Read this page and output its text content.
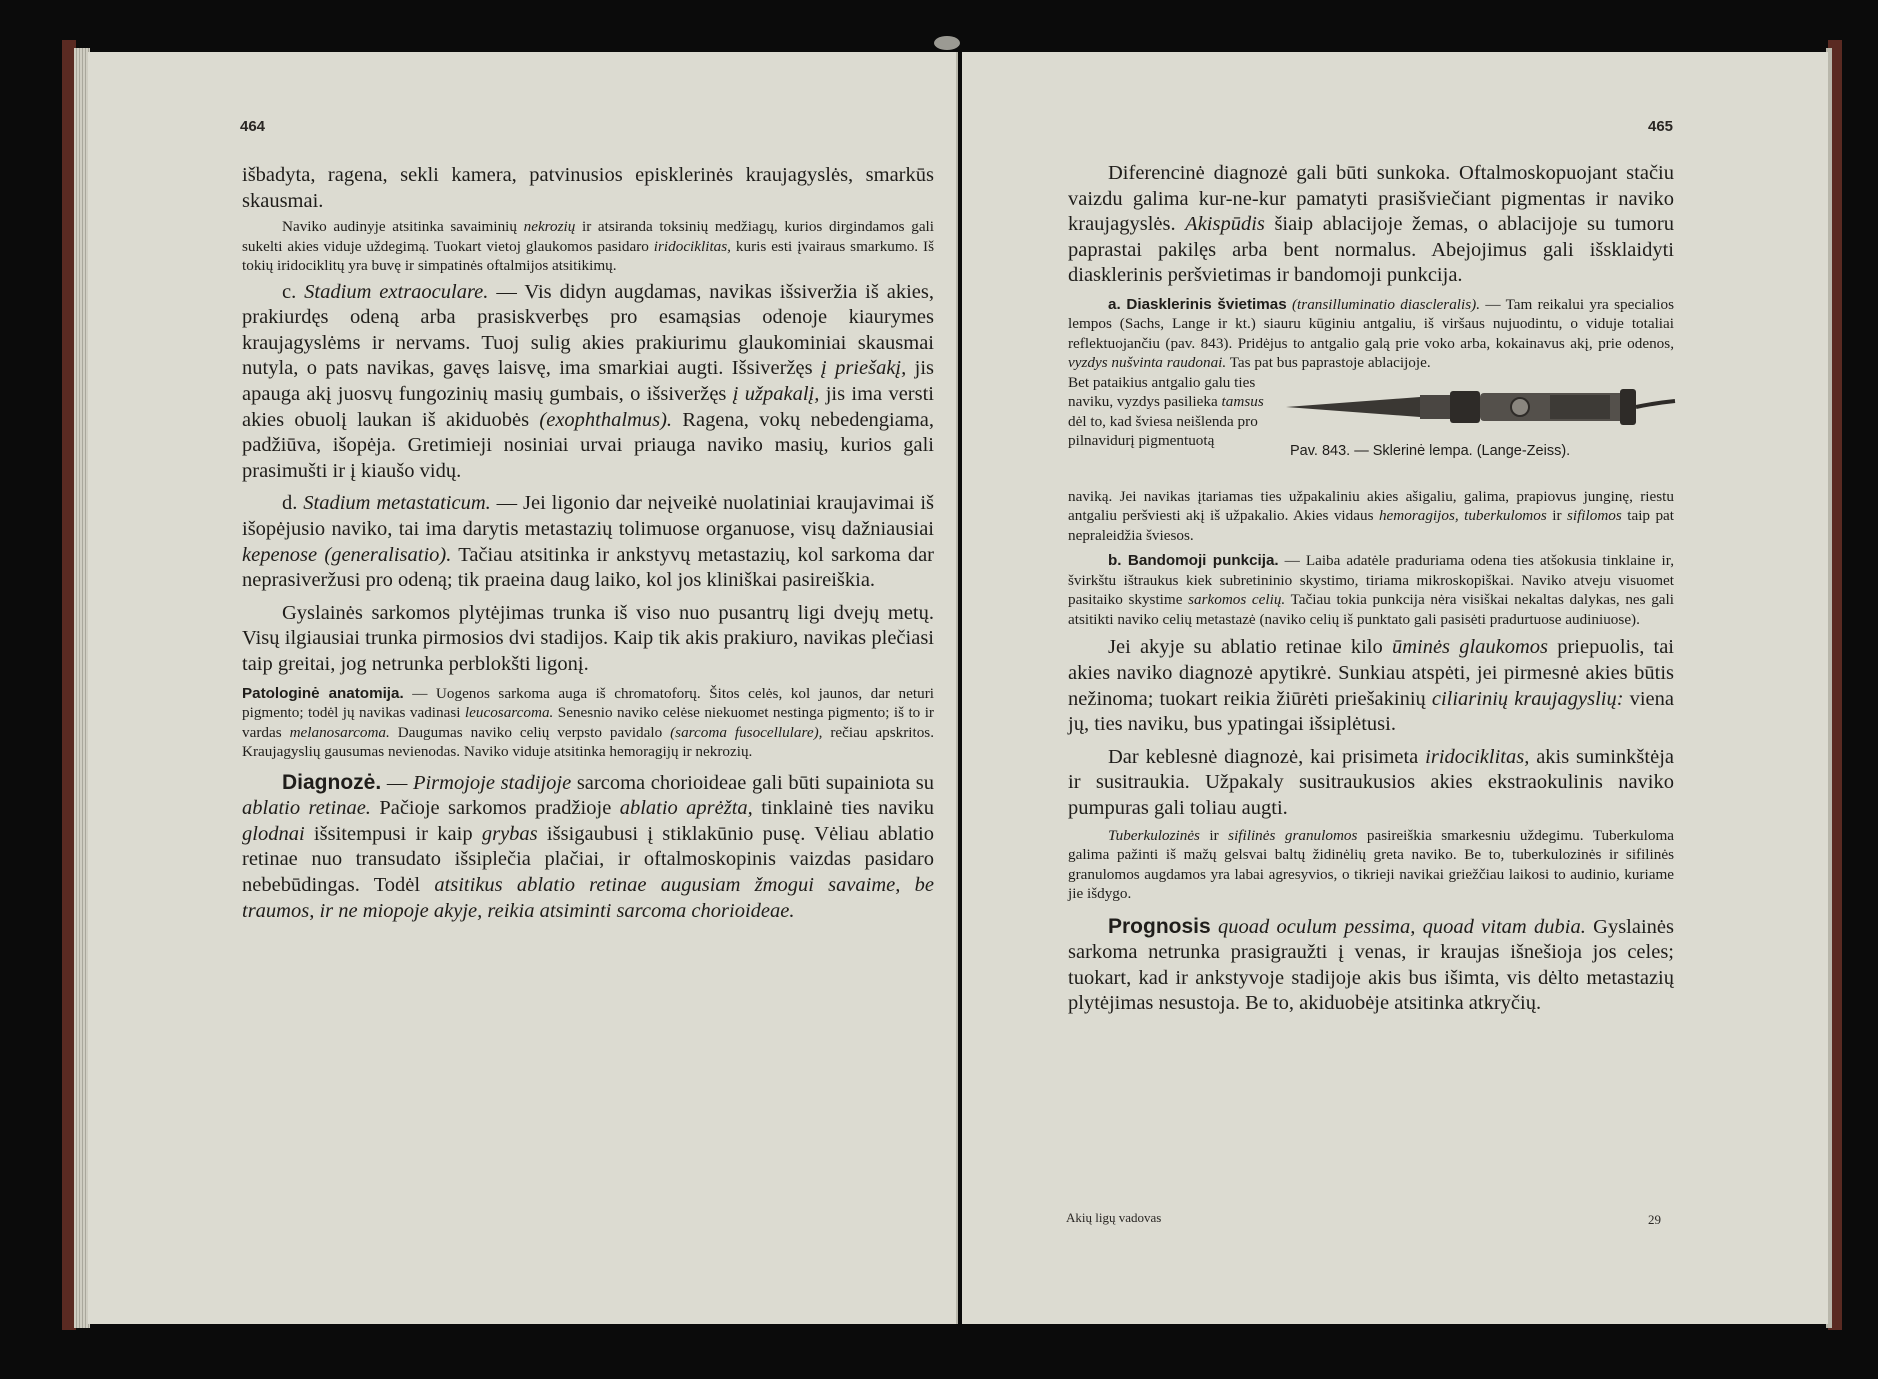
464

išbadyta, ragena, sekli kamera, patvinusios episklerinės kraujagyslės, smarkūs skausmai.

Naviko audinyje atsitinka savaiminių nekrozių ir atsiranda toksinių medžiagų, kurios dirgindamos gali sukelti akies viduje uždegimą. Tuokart vietoj glaukomos pasidaro iridociklitas, kuris esti įvairaus smarkumo. Iš tokių iridociklitų yra buvę ir simpatinės oftalmijos atsitikimų.

c. Stadium extraoculare. — Vis didyn augdamas, navikas išsiveržia iš akies, prakiurdęs odeną arba prasiskverbęs pro esamąsias odenoje kiaurymes kraujagyslėms ir nervams. Tuoj sulig akies prakiurimu glaukominiai skausmai nutyla, o pats navikas, gavęs laisvę, ima smarkiai augti. Išsiveržęs į priešakį, jis apauga akį juosvų fungozinių masių gumbais, o išsiveržęs į užpakalį, jis ima versti akies obuolį laukan iš akiduobės (exophthalmus). Ragena, vokų nebedengiama, padžiūva, išopėja. Gretimieji nosiniai urvai priauga naviko masių, kurios gali prasimušti ir į kiaušo vidų.

d. Stadium metastaticum. — Jei ligonio dar neįveikė nuolatiniai kraujavimai iš išopėjusio naviko, tai ima darytis metastazių tolimuose organuose, visų dažniausiai kepenose (generalisatio). Tačiau atsitinka ir ankstyvų metastazių, kol sarkoma dar neprasiveržusi pro odeną; tik praeina daug laiko, kol jos kliniškai pasireiškia.

Gyslainės sarkomos plytėjimas trunka iš viso nuo pusantrų ligi dvejų metų. Visų ilgiausiai trunka pirmosios dvi stadijos. Kaip tik akis prakiuro, navikas plečiasi taip greitai, jog netrunka perblokšti ligonį.

Patologinė anatomija. — Uogenos sarkoma auga iš chromatoforų. Šitos celės, kol jaunos, dar neturi pigmento; todėl jų navikas vadinasi leucosarcoma. Senesnio naviko celėse niekuomet nestinga pigmento; iš to ir vardas melanosarcoma. Daugumas naviko celių verpsto pavidalo (sarcoma fusocellulare), rečiau apskritos. Kraujagyslių gausumas nevienodas. Naviko viduje atsitinka hemoragijų ir nekrozių.

Diagnozė. — Pirmojoje stadijoje sarcoma chorioideae gali būti supainiota su ablatio retinae. Pačioje sarkomos pradžioje ablatio aprėžta, tinklainė ties naviku glodnai išsitempusi ir kaip grybas išsigaubusi į stiklakūnio pusę. Vėliau ablatio retinae nuo transudato išsiplečia plačiai, ir oftalmoskopinis vaizdas pasidaro nebebūdingas. Todėl atsitikus ablatio retinae augusiam žmogui savaime, be traumos, ir ne miopoje akyje, reikia atsiminti sarcoma chorioideae.

465

Diferencinė diagnozė gali būti sunkoka. Oftalmoskopuojant stačiu vaizdu galima kur-ne-kur pamatyti prasišviečiant pigmentas ir naviko kraujagyslės. Akispūdis šiaip ablacijoje žemas, o ablacijoje su tumoru paprastai pakilęs arba bent normalus. Abejojimus gali išsklaidyti diasklerinis peršvietimas ir bandomoji punkcija.

a. Diasklerinis švietimas (transilluminatio diascleralis). — Tam reikalui yra specialios lempos (Sachs, Lange ir kt.) siauru kūginiu antgaliu, iš viršaus nujuodintu, o viduje totaliai reflektuojančiu (pav. 843). Pridėjus to antgalio galą prie voko arba, kokainavus akį, prie odenos, vyzdys nušvinta raudonai. Tas pat bus paprastoje ablacijoje.

Bet pataikius antgalio galu ties naviku, vyzdys pasilieka tamsus dėl to, kad šviesa neišlenda pro pilnavidurį pigmentuotą

Pav. 843. — Sklerinė lempa. (Lange-Zeiss).

naviką. Jei navikas įtariamas ties užpakaliniu akies ašigaliu, galima, prapiovus junginę, riestu antgaliu peršviesti akį iš užpakalio. Akies vidaus hemoragijos, tuberkulomos ir sifilomos taip pat nepraleidžia šviesos.

b. Bandomoji punkcija. — Laiba adatėle praduriama odena ties atšokusia tinklaine ir, švirkštu ištraukus kiek subretininio skystimo, tiriama mikroskopiškai. Naviko atveju visuomet pasitaiko skystime sarkomos celių. Tačiau tokia punkcija nėra visiškai nekaltas dalykas, nes gali atsitikti naviko celių metastazė (naviko celių iš punktato gali pasisėti pradurtuose audiniuose).

Jei akyje su ablatio retinae kilo ūminės glaukomos priepuolis, tai akies naviko diagnozė apytikrė. Sunkiau atspėti, jei pirmesnė akies būtis nežinoma; tuokart reikia žiūrėti priešakinių ciliarinių kraujagyslių: viena jų, ties naviku, bus ypatingai išsiplėtusi.

Dar keblesnė diagnozė, kai prisimeta iridociklitas, akis suminkštėja ir susitraukia. Užpakaly susitraukusios akies ekstraokulinis naviko pumpuras gali toliau augti.

Tuberkulozinės ir sifilinės granulomos pasireiškia smarkesniu uždegimu. Tuberkuloma galima pažinti iš mažų gelsvai baltų židinėlių greta naviko. Be to, tuberkulozinės ir sifilinės granulomos augdamos yra labai agresyvios, o tikrieji navikai griežčiau laikosi to audinio, kuriame jie išdygo.

Prognosis quoad oculum pessima, quoad vitam dubia. Gyslainės sarkoma netrunka prasigraužti į venas, ir kraujas išnešioja jos celes; tuokart, kad ir ankstyvoje stadijoje akis bus išimta, vis dėlto metastazių plytėjimas nesustoja. Be to, akiduobėje atsitinka atkryčių.

Akių ligų vadovas	29
